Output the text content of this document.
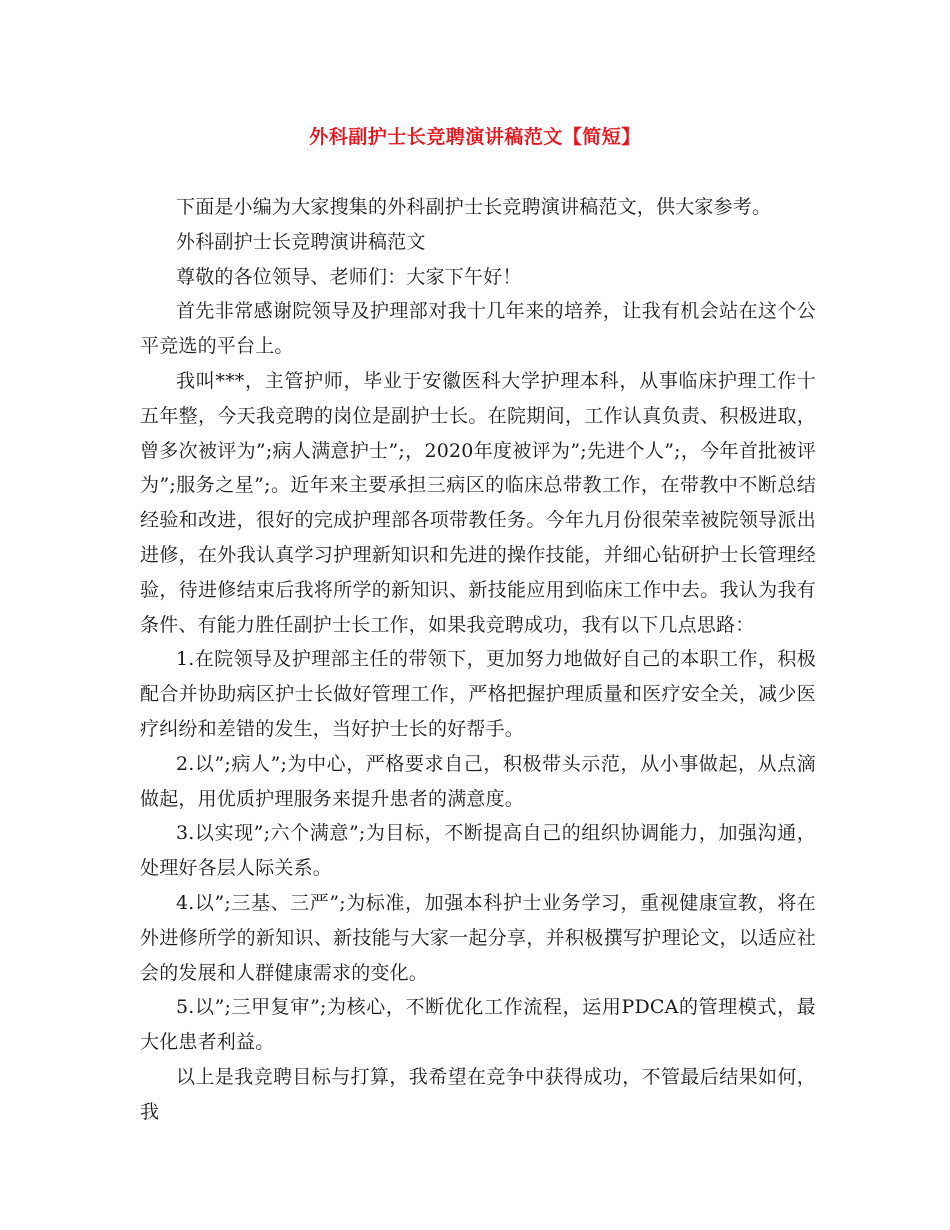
外科副护士长竞聘演讲稿范文【简短】

下面是小编为大家搜集的外科副护士长竞聘演讲稿范文，供大家参考。

外科副护士长竞聘演讲稿范文

尊敬的各位领导、老师们：大家下午好！

首先非常感谢院领导及护理部对我十几年来的培养，让我有机会站在这个公平竞选的平台上。

我叫***，主管护师，毕业于安徽医科大学护理本科，从事临床护理工作十五年整，今天我竞聘的岗位是副护士长。在院期间，工作认真负责、积极进取，曾多次被评为”;病人满意护士”;，2020年度被评为”;先进个人”;，今年首批被评为”;服务之星”;。近年来主要承担三病区的临床总带教工作，在带教中不断总结经验和改进，很好的完成护理部各项带教任务。今年九月份很荣幸被院领导派出进修，在外我认真学习护理新知识和先进的操作技能，并细心钻研护士长管理经验，待进修结束后我将所学的新知识、新技能应用到临床工作中去。我认为我有条件、有能力胜任副护士长工作，如果我竞聘成功，我有以下几点思路：

1.在院领导及护理部主任的带领下，更加努力地做好自己的本职工作，积极配合并协助病区护士长做好管理工作，严格把握护理质量和医疗安全关，减少医疗纠纷和差错的发生，当好护士长的好帮手。

2.以”;病人”;为中心，严格要求自己，积极带头示范，从小事做起，从点滴做起，用优质护理服务来提升患者的满意度。

3.以实现”;六个满意”;为目标，不断提高自己的组织协调能力，加强沟通，处理好各层人际关系。

4.以”;三基、三严”;为标准，加强本科护士业务学习，重视健康宣教，将在外进修所学的新知识、新技能与大家一起分享，并积极撰写护理论文，以适应社会的发展和人群健康需求的变化。

5.以”;三甲复审”;为核心，不断优化工作流程，运用PDCA的管理模式，最大化患者利益。

以上是我竞聘目标与打算，我希望在竞争中获得成功，不管最后结果如何，我
